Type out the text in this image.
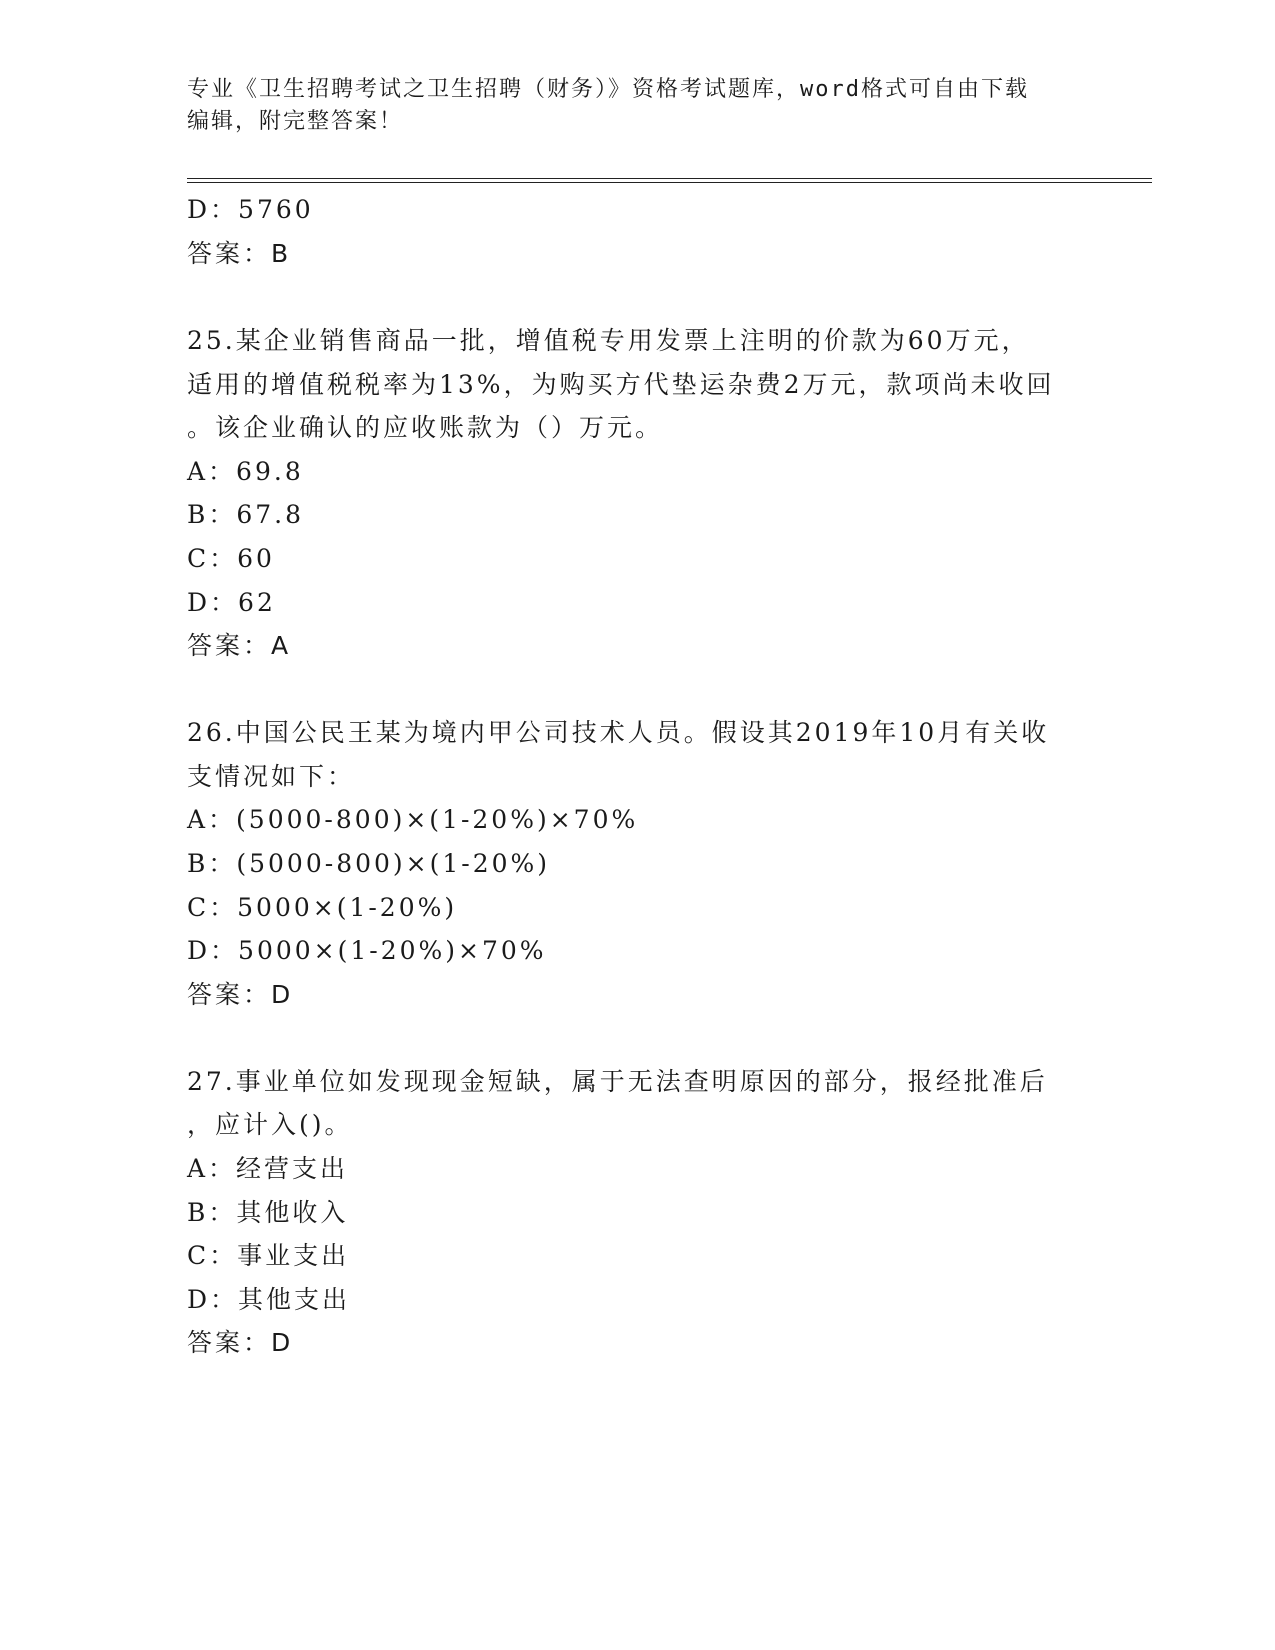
专业《卫生招聘考试之卫生招聘（财务）》资格考试题库，word格式可自由下载
编辑，附完整答案！
D：5760
答案：B
25.某企业销售商品一批，增值税专用发票上注明的价款为60万元，
适用的增值税税率为13%，为购买方代垫运杂费2万元，款项尚未收回
。该企业确认的应收账款为（）万元。
A：69.8
B：67.8
C：60
D：62
答案：A
26.中国公民王某为境内甲公司技术人员。假设其2019年10月有关收
支情况如下：
A：(5000-800)×(1-20%)×70%
B：(5000-800)×(1-20%)
C：5000×(1-20%)
D：5000×(1-20%)×70%
答案：D
27.事业单位如发现现金短缺，属于无法查明原因的部分，报经批准后
，应计入()。
A：经营支出
B：其他收入
C：事业支出
D：其他支出
答案：D
